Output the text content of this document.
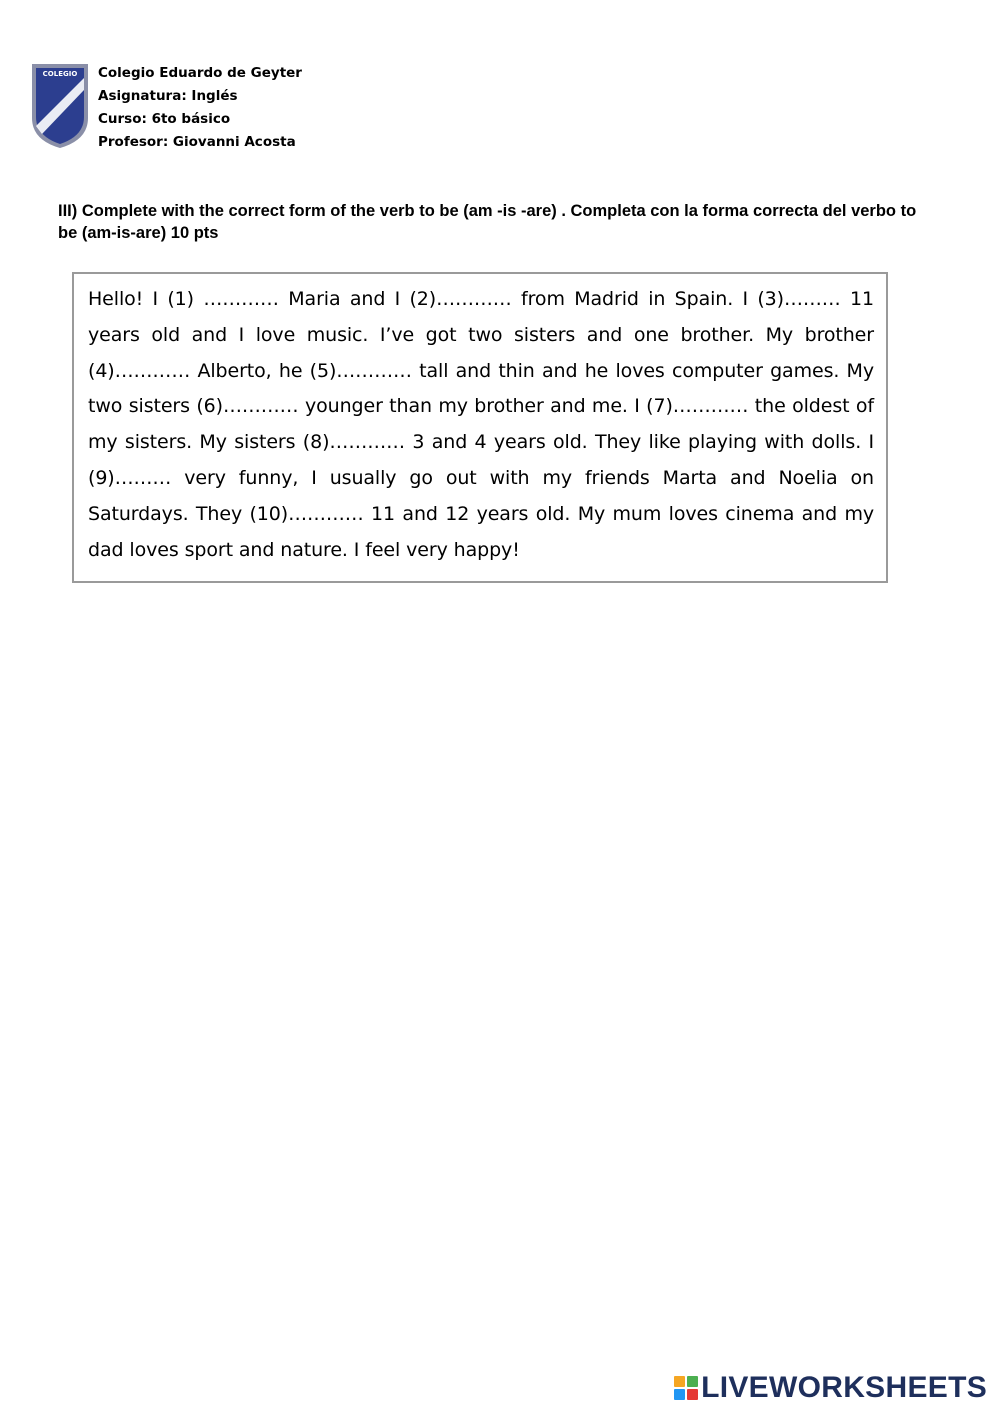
COLEGIO Colegio Eduardo de Geyter
Asignatura: Inglés
Curso: 6to básico
Profesor: Giovanni Acosta
III) Complete with the correct form of the verb to be (am -is -are) . Completa con la forma correcta del verbo to be (am-is-are) 10 pts

Hello! I (1) ………… Maria and I (2)………… from Madrid in Spain. I (3)……… 11 years old and I love music. I’ve got two sisters and one brother. My brother (4)………… Alberto, he (5)………… tall and thin and he loves computer games. My two sisters (6)………… younger than my brother and me. I (7)………… the oldest of my sisters. My sisters (8)………… 3 and 4 years old. They like playing with dolls. I (9)……… very funny, I usually go out with my friends Marta and Noelia on Saturdays. They (10)………… 11 and 12 years old. My mum loves cinema and my dad loves sport and nature. I feel very happy!

LIVEWORKSHEETS
